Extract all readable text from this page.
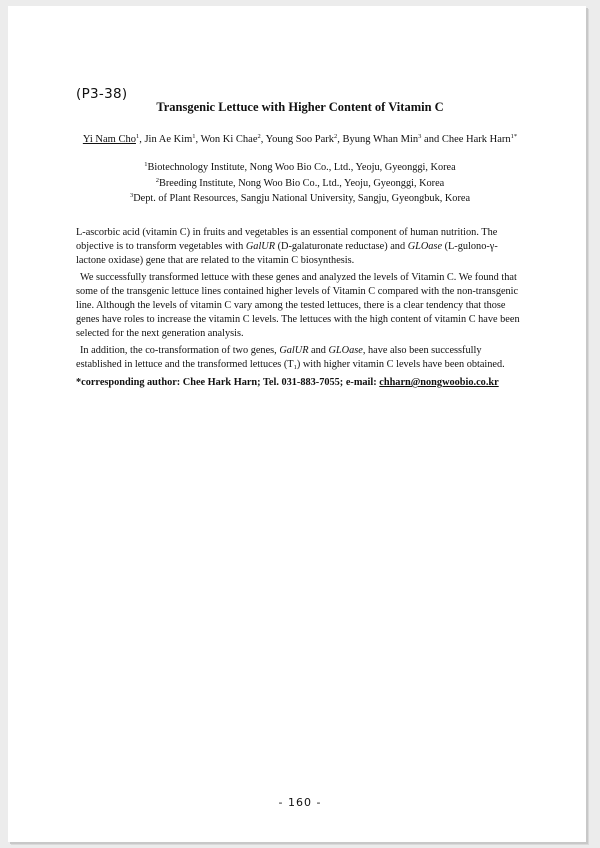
(P3-38)
Transgenic Lettuce with Higher Content of Vitamin C
Yi Nam Cho$^1$, Jin Ae Kim$^1$, Won Ki Chae$^2$, Young Soo Park$^2$, Byung Whan Min$^3$ and Chee Hark Harn$^{1*}$
$^1$Biotechnology Institute, Nong Woo Bio Co., Ltd., Yeoju, Gyeonggi, Korea
$^2$Breeding Institute, Nong Woo Bio Co., Ltd., Yeoju, Gyeonggi, Korea
$^3$Dept. of Plant Resources, Sangju National University, Sangju, Gyeongbuk, Korea

L-ascorbic acid (vitamin C) in fruits and vegetables is an essential component of human nutrition. The objective is to transform vegetables with GalUR (D-galaturonate reductase) and GLOase (L-gulono-γ-lactone oxidase) gene that are related to the vitamin C biosynthesis.

We successfully transformed lettuce with these genes and analyzed the levels of Vitamin C. We found that some of the transgenic lettuce lines contained higher levels of Vitamin C compared with the non-transgenic line. Although the levels of vitamin C vary among the tested lettuces, there is a clear tendency that those genes have roles to increase the vitamin C levels. The lettuces with the high content of vitamin C have been selected for the next generation analysis.

In addition, the co-transformation of two genes, GalUR and GLOase, have also been successfully established in lettuce and the transformed lettuces $(T_1)$ with higher vitamin C levels have been obtained.

*corresponding author: Chee Hark Harn; Tel. 031-883-7055; e-mail: chharn@nongwoobio.co.kr
- 160 -
